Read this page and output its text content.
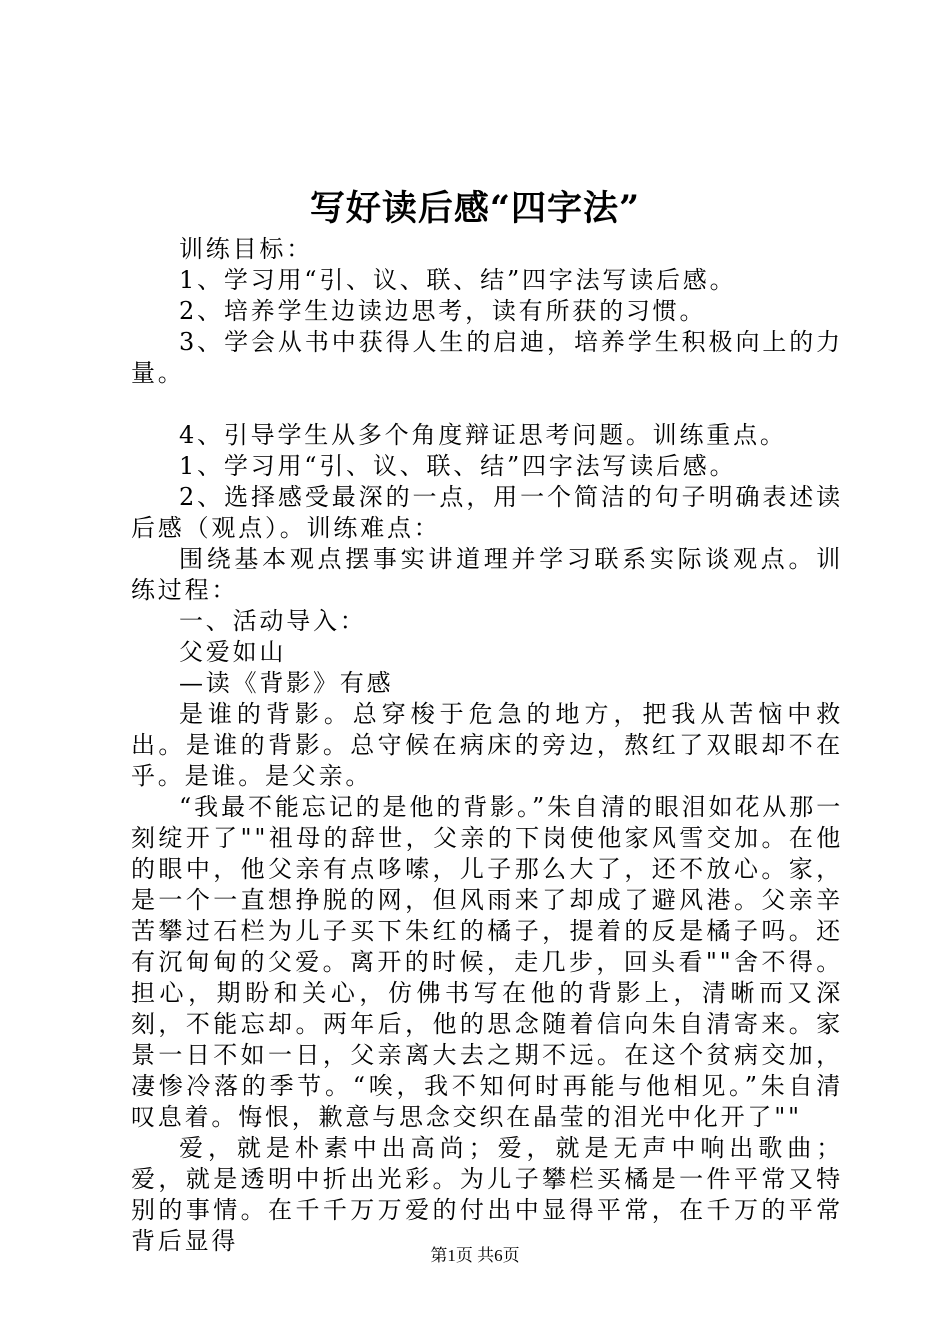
写好读后感“四字法”

训练目标：

1、学习用“引、议、联、结”四字法写读后感。

2、培养学生边读边思考，读有所获的习惯。

3、学会从书中获得人生的启迪，培养学生积极向上的力量。

4、引导学生从多个角度辩证思考问题。训练重点。

1、学习用“引、议、联、结”四字法写读后感。

2、选择感受最深的一点，用一个简洁的句子明确表述读后感（观点）。训练难点：

围绕基本观点摆事实讲道理并学习联系实际谈观点。训练过程：

一、活动导入：

父爱如山

—读《背影》有感

是谁的背影。总穿梭于危急的地方，把我从苦恼中救出。是谁的背影。总守候在病床的旁边，熬红了双眼却不在乎。是谁。是父亲。

“我最不能忘记的是他的背影。”朱自清的眼泪如花从那一刻绽开了""祖母的辞世，父亲的下岗使他家风雪交加。在他的眼中，他父亲有点哆嗦，儿子那么大了，还不放心。家，是一个一直想挣脱的网，但风雨来了却成了避风港。父亲辛苦攀过石栏为儿子买下朱红的橘子，提着的反是橘子吗。还有沉甸甸的父爱。离开的时候，走几步，回头看""舍不得。担心，期盼和关心，仿佛书写在他的背影上，清晰而又深刻，不能忘却。两年后，他的思念随着信向朱自清寄来。家景一日不如一日，父亲离大去之期不远。在这个贫病交加，凄惨冷落的季节。“唉，我不知何时再能与他相见。”朱自清叹息着。悔恨，歉意与思念交织在晶莹的泪光中化开了""

爱，就是朴素中出高尚；爱，就是无声中响出歌曲；爱，就是透明中折出光彩。为儿子攀栏买橘是一件平常又特别的事情。在千千万万爱的付出中显得平常，在千万的平常背后显得

第1页 共6页
